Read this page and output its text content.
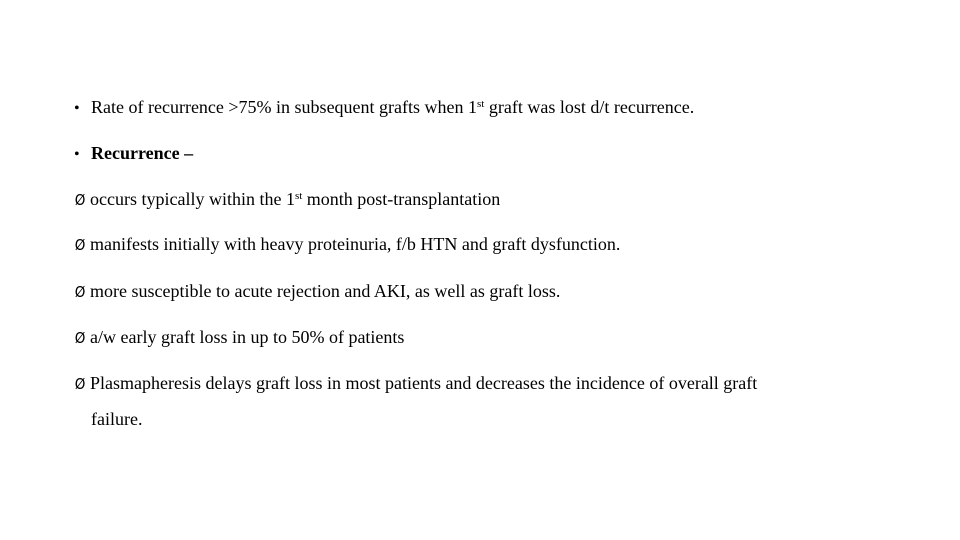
• Rate of recurrence >75% in subsequent grafts when 1st graft was lost d/t recurrence.
• Recurrence –
Ø occurs typically within the 1st month post-transplantation
Ø manifests initially with heavy proteinuria, f/b HTN and graft dysfunction.
Ø more susceptible to acute rejection and AKI, as well as graft loss.
Ø a/w early graft loss in up to 50% of patients
Ø Plasmapheresis delays graft loss in most patients and decreases the incidence of overall graft
failure.
